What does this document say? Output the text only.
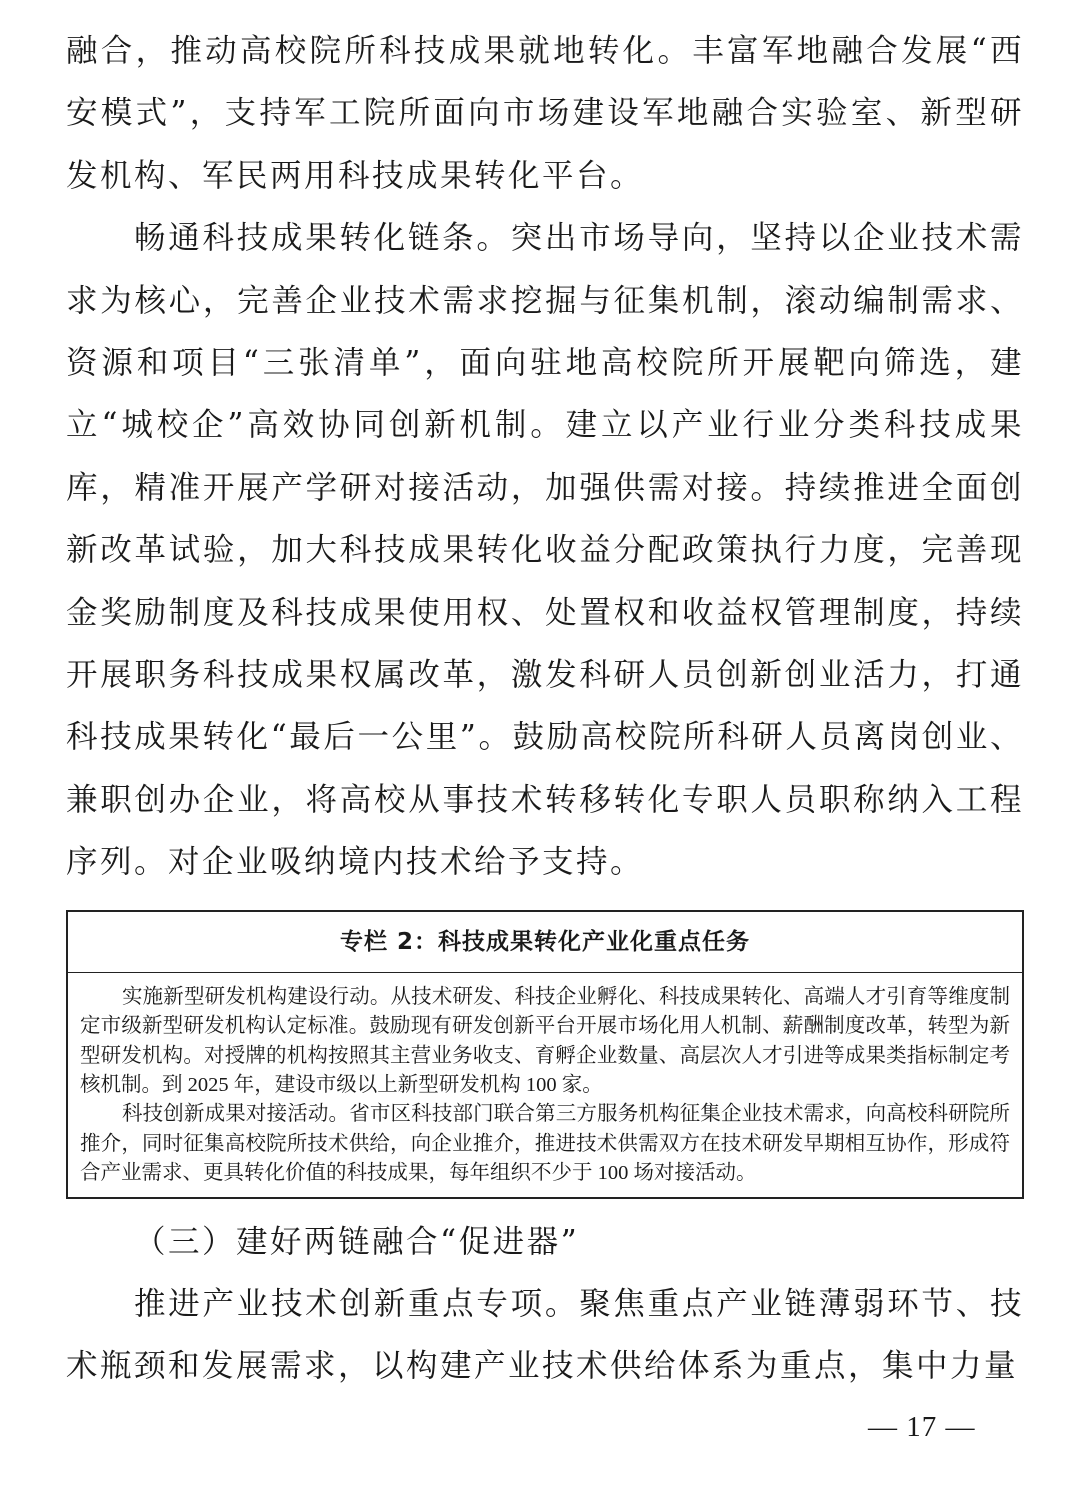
融合，推动高校院所科技成果就地转化。丰富军地融合发展“西安模式”，支持军工院所面向市场建设军地融合实验室、新型研发机构、军民两用科技成果转化平台。

畅通科技成果转化链条。突出市场导向，坚持以企业技术需求为核心，完善企业技术需求挖掘与征集机制，滚动编制需求、资源和项目“三张清单”，面向驻地高校院所开展靶向筛选，建立“城校企”高效协同创新机制。建立以产业行业分类科技成果库，精准开展产学研对接活动，加强供需对接。持续推进全面创新改革试验，加大科技成果转化收益分配政策执行力度，完善现金奖励制度及科技成果使用权、处置权和收益权管理制度，持续开展职务科技成果权属改革，激发科研人员创新创业活力，打通科技成果转化“最后一公里”。鼓励高校院所科研人员离岗创业、兼职创办企业，将高校从事技术转移转化专职人员职称纳入工程序列。对企业吸纳境内技术给予支持。

专栏 2：科技成果转化产业化重点任务

实施新型研发机构建设行动。从技术研发、科技企业孵化、科技成果转化、高端人才引育等维度制定市级新型研发机构认定标准。鼓励现有研发创新平台开展市场化用人机制、薪酬制度改革，转型为新型研发机构。对授牌的机构按照其主营业务收支、育孵企业数量、高层次人才引进等成果类指标制定考核机制。到 2025 年，建设市级以上新型研发机构 100 家。

科技创新成果对接活动。省市区科技部门联合第三方服务机构征集企业技术需求，向高校科研院所推介，同时征集高校院所技术供给，向企业推介，推进技术供需双方在技术研发早期相互协作，形成符合产业需求、更具转化价值的科技成果，每年组织不少于 100 场对接活动。

（三）建好两链融合“促进器”

推进产业技术创新重点专项。聚焦重点产业链薄弱环节、技术瓶颈和发展需求，以构建产业技术供给体系为重点，集中力量

— 17 —
